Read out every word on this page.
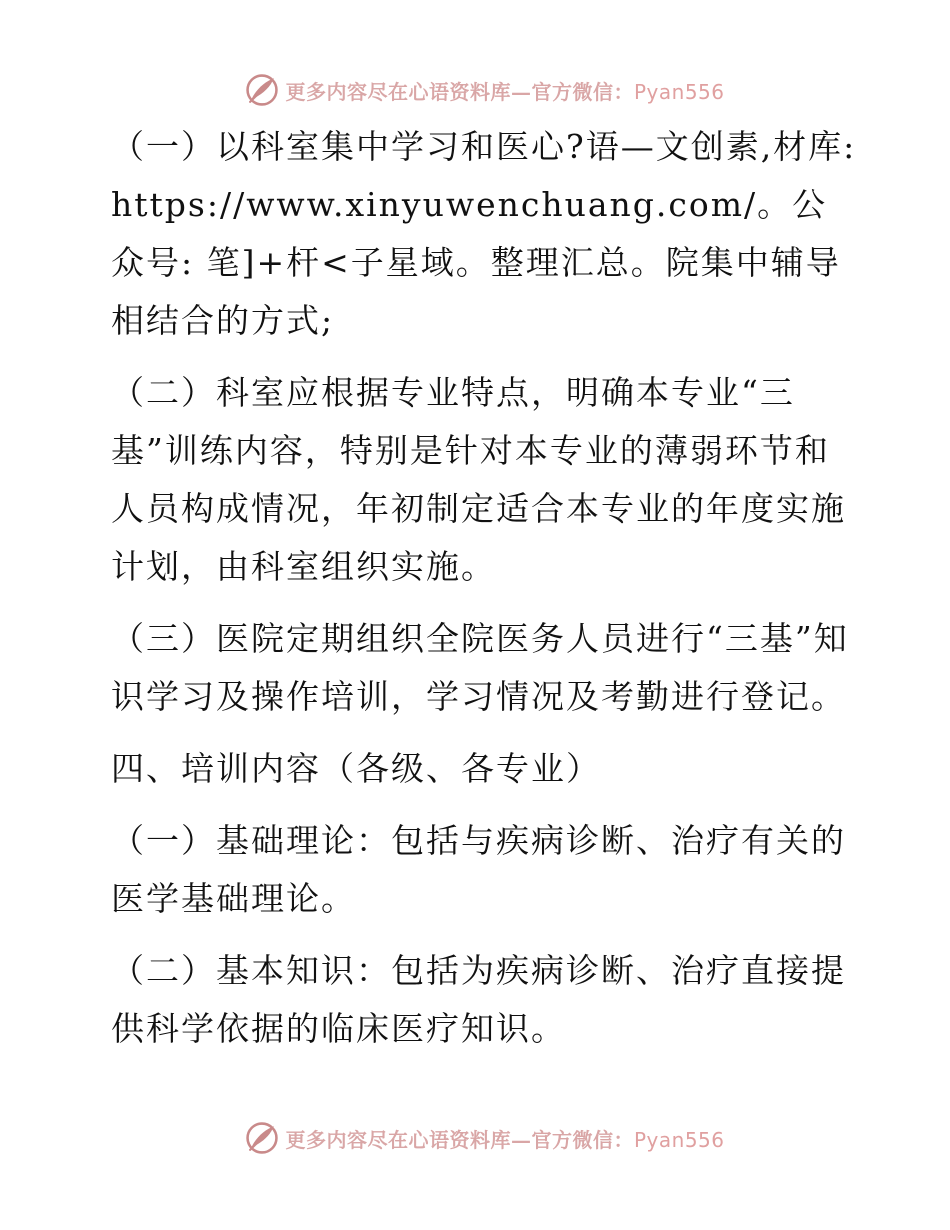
更多内容尽在心语资料库—官方微信：Pyan556

（一）以科室集中学习和医心?语—文创素,材库: https://www.xinyuwenchuang.com/。公众号: 笔]+杆<子星域。整理汇总。院集中辅导相结合的方式;

（二）科室应根据专业特点，明确本专业“三基”训练内容，特别是针对本专业的薄弱环节和人员构成情况，年初制定适合本专业的年度实施计划，由科室组织实施。

（三）医院定期组织全院医务人员进行“三基”知识学习及操作培训，学习情况及考勤进行登记。

四、培训内容（各级、各专业）

（一）基础理论：包括与疾病诊断、治疗有关的医学基础理论。

（二）基本知识：包括为疾病诊断、治疗直接提供科学依据的临床医疗知识。

更多内容尽在心语资料库—官方微信：Pyan556
